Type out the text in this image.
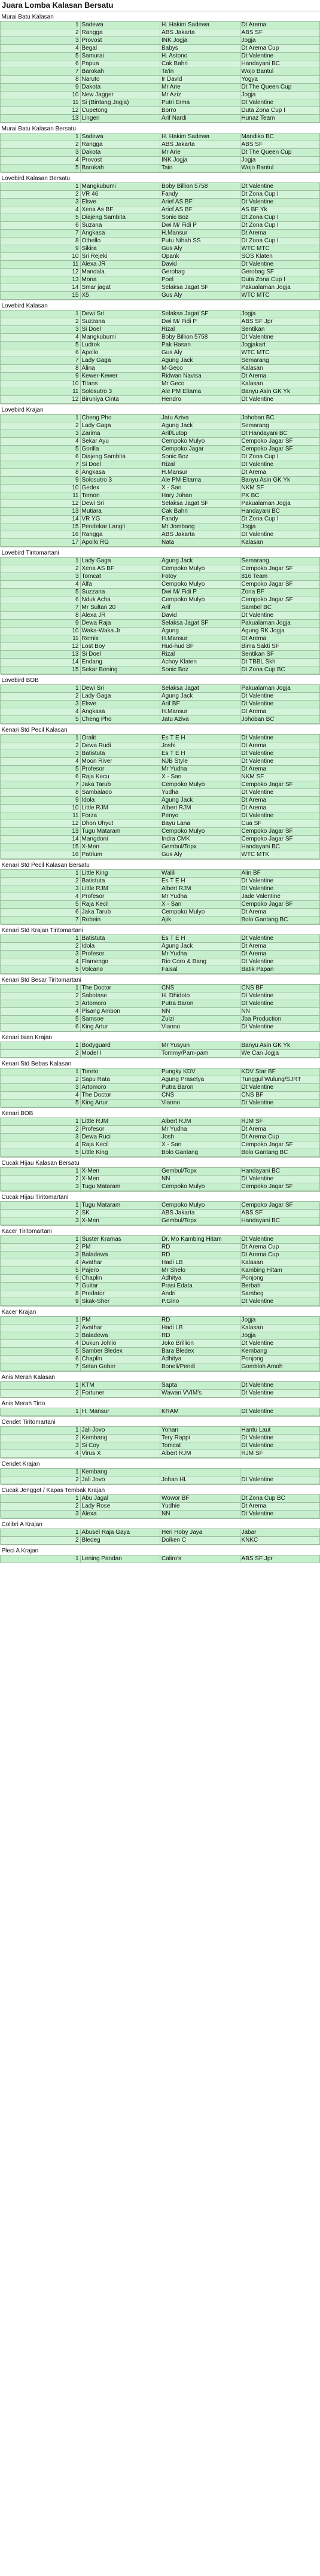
Juara Lomba Kalasan Bersatu
Murai Batu Kalasan			
1	Sadewa	H. Hakim Sadewa	Dt Arema
2	Rangga	ABS Jakarta	ABS SF
3	Provost	INK Jogja	Jogja
4	Begal	Babys	Dt Arema Cup
5	Samurai	H. Astono	Dt Valentine
6	Papua	Cak Bahri	Handayani BC
7	Barokah	Ta'in	Wojo Bantul
8	Naruto	Ir David	Yogya
9	Dakota	Mr Arie	Dt The Queen Cup
10	New Jagger	Mr Aziz	Jogja
11	Si (Bintang Jogja)	Putri Erma	Dt Valentine
12	Cupetong	Borro	Duta Zona Cup I
13	Lingeri	Arif Nardi	Hunaz Team
Murai Batu Kalasan Bersatu			
1	Sadewa	H. Hakim Sadewa	Mandiko BC
2	Rangga	ABS Jakarta	ABS SF
3	Dakota	Mr Arie	Dt The Queen Cup
4	Provost	INK Jogja	Jogja
5	Barokah	Tain	Wojo Bantul
Lovebird Kalasan Bersatu			
1	Mangkubumi	Boby Billion 5758	Dt Valentine
2	VR 46	Fandy	Dt Zona Cup I
3	Elsve	Arief AS BF	Dt Valentine
4	Xena As BF	Arief AS BF	AS BF Yk
5	Diajeng Sambita	Sonic Boz	Dt Zona Cup I
6	Suzana	Dwi M/ Fidi P	Dt Zona Cup I
7	Angkasa	H.Mansur	Dt Arema
8	Othello	Putu Nihah SS	Dt Zona Cup I
9	Sikira	Gus Aly	WTC MTC
10	Sri Rejeki	Opank	SOS Klaten
11	Alexa JR	David	Dt Valentine
12	Mandala	Gerobag	Gerobag SF
13	Mona	Poel	Duta Zona Cup I
14	Smar jagat	Selaksa Jagat SF	Pakualaman Jogja
15	X5	Gus Aly	WTC MTC
Lovebird Kalasan			
1	Dewi Sri	Selaksa Jagat SF	Jogja
2	Suzzana	Dwi M/ Fidi P	ABS SF Jpr
3	Si Doel	Rizal	Sentikan
4	Mangkubumi	Boby Billion 5758	Dt Valentine
5	Ludrok	Pak Hasan	Jogjakart
6	Apollo	Gus Aly	WTC MTC
7	Lady Gaga	Agung Jack	Semarang
8	Alina	M-Geco	Kalasan
9	Kewer-Kewer	Ridwan Navisa	Dt Arema
10	Titans	Mr Geco	Kalasan
11	Solosutro 3	Ale PM Eltama	Banyu Asin GK Yk
12	Biruniya Cinta	Hendro	Dt Valentine
Lovebird Krajan			
1	Cheng Pho	Jatu Aziva	Johoban BC
2	Lady Gaga	Agung Jack	Semarang
3	Zarima	Arif/Lutop	Dt Handayani BC
4	Sekar Ayu	Cempoko Mulyo	Cempoko Jagar SF
5	Gorilla	Cempoko Jagar	Cempoko Jagar SF
6	Diajeng Sambita	Sonic Boz	Dt Zona Cup I
7	Si Doel	Rizal	Dt Valentine
8	Angkasa	H.Mansur	Dt Arema
9	Solosutro 3	Ale PM Eltama	Banyu Asin GK Yk
10	Gedex	X - San	NKM SF
11	Temon	Hary Johan	PK BC
12	Dewi Sri	Selaksa Jagat SF	Pakualaman Jogja
13	Mutiara	Cak Bahri	Handayani BC
14	VR YG	Fandy	Dt Zona Cup I
15	Pendekar Langit	Mr Jombang	Jogja
16	Rangga	ABS Jakarta	Dt Valentine
17	Apollo RG	Nata	Kalasan
Lovebird Tiritomartani			
1	Lady Gaga	Agung Jack	Semarang
2	Xena AS BF	Cempoko Mulyo	Cempoko Jagar SF
3	Tomcat	Fotoy	816 Team
4	Alfa	Cempoko Mulyo	Cempoko Jagar SF
5	Suzzana	Dwi M/ Fidi P	Zona BF
6	Nduk Acha	Cempoko Mulyo	Cempoko Jagar SF
7	Mr Sultan 20	Arif	Sambel BC
8	Alexa JR	David	Dt Valentine
9	Dewa Raja	Selaksa Jagat SF	Pakualaman Jogja
10	Waka-Waka Jr	Agung	Agung RK Jogja
11	Remix	H.Mansur	Dt Arema
12	Lost Boy	Hud-hud BF	Bima Sakti SF
13	Si Doel	Rizal	Sentikan SF
14	Endang	Achoy Klaten	Dt TBBL Skh
15	Sekar Bening	Sonic Boz	Dt Zona Cup BC
Lovebird BOB			
1	Dewi Sri	Selaksa Jagat	Pakualaman Jogja
2	Lady Gaga	Agung Jack	Dt Valentine
3	Elsve	Arif BF	Dt Valentine
4	Angkasa	H.Mansur	Dt Arema
5	Cheng Pho	Jatu Aziva	Johoban BC
Kenari Std Pecil Kalasan			
1	Oralit	Es T E H	Dt Valentine
2	Dewa Rudi	Joshi	Dt Arema
3	Batistuta	Es T E H	Dt Valentine
4	Moon River	NJB Style	Dt Valentine
5	Profesor	Mr Yudha	Dt Arema
6	Raja Kecu	X - San	NKM SF
7	Jaka Tarub	Cempoko Mulyo	Cempoko Jagar SF
8	Sambalado	Yudha	Dt Valentine
9	Idola	Agung Jack	Dt Arema
10	Little RJM	Albert RJM	Dt Arema
11	Forza	Penyo	Dt Valentine
12	Dhon Uhyut	Bayu Lana	Cua SF
13	Tugu Mataram	Cempoko Mulyo	Cempoko Jagar SF
14	Mangdoni	Indra CMK	Cempoko Jagar SF
15	X-Men	Gembul/Topx	Handayani BC
16	Patrium	Gus Aly	WTC MTK
Kenari Std Pecil Kalasan Bersatu			
1	Little King	Walili	Alin BF
2	Batistuta	Es T E H	Dt Valentine
3	Little RJM	Albert RJM	Dt Valentine
4	Profesor	Mr Yudha	Jade Valentine
5	Raja Kecil	X - San	Cempoko Jagar SF
6	Jaka Tarub	Cempoko Mulyo	Dt Arema
7	Robein	Ajik	Bolo Gantang BC
Kenari Std Krajan Tiritomartani			
1	Batistuta	Es T E H	Dt Valentine
2	Idola	Agung Jack	Dt Arema
3	Profesor	Mr Yudha	Dt Arema
4	Flamengo	Rio Coro & Bang	Dt Valentine
5	Volcano	Faisal	Batik Papan
Kenari Std Besar Tiritomartani			
1	The Doctor	CNS	CNS BF
2	Sabotase	H. Dhidoto	Dt Valentine
3	Artomoro	Putra Baron	Dt Valentine
4	Pisang Ambon	NN	NN
5	Samsoe	Zulzi	Jba Production
6	King Artur	Vianno	Dt Valentine
Kenari Isian Krajan			
1	Bodyguard	Mr Yusyun	Banyu Asin GK Yk
2	Model I	Tommy/Pam-pam	We Can Jogja
Kenari Std Bebas Kalasan			
1	Toreto	Pungky KDV	KDV Star BF
2	Sapu Rata	Agung Prasetya	Tunggul Wulung/SJRT
3	Artomoro	Putra Baron	Dt Valentine
4	The Doctor	CNS	CNS BF
5	King Artur	Vianno	Dt Valentine
Kenari BOB			
1	Little RJM	Albert RJM	RJM SF
2	Profesor	Mr Yudha	Dt Arema
3	Dewa Ruci	Josh	Dt Arema Cup
4	Raja Kecil	X - San	Cempoko Jagar SF
5	Little King	Bolo Gantang	Bolo Gantang BC
Cucak Hijau Kalasan Bersatu			
1	X-Men	Gembul/Topx	Handayani BC
2	X-Men	NN	Dt Valentine
3	Tugu Mataram	Cempoko Mulyo	Cempoko Jagar SF
Cucak Hijau Tiritomartani			
1	Tugu Mataram	Cempoko Mulyo	Cempoko Jagar SF
2	SK	ABS Jakarta	ABS SF
3	X-Men	Gembul/Topx	Handayani BC
Kacer Tiritomartani			
1	Suster Kramas	Dr. Mo Kambing Hitam	Dt Valentine
2	PM	RD	Dt Arema Cup
3	Baladewa	RD	Dt Arema Cup
4	Avathar	Hadi LB	Kalasan
5	Pajero	Mr Shelo	Kambing Hitam
6	Chaplin	Adhitya	Ponjong
7	Guitar	Prasi Edata	Berbah
8	Predator	Andri	Sambeg
9	Skak-Sher	P.Gino	Dt Valentine
Kacer Krajan			
1	PM	RD	Jogja
2	Avathar	Hadi LB	Kalasan
3	Baladewa	RD	Jogja
4	Dukun Johlio	Joko Brillion	Dt Valentine
5	Samber Bledex	Bara Bledex	Kembang
6	Chaplin	Adhitya	Ponjong
7	Setan Gober	Boneli/Pendi	Gombloh Amoh
Anis Merah Kalasan			
1	KTM	Sapta	Dt Valentine
2	Fortuner	Wawan VVIM's	Dt Valentine
Anis Merah Tirto
1	H. Mansur	KRAM	Dt Valentine
Cendet Tiritomartani			
1	Jali Jovo	Yohan	Hantu Laut
2	Kembang	Tery Rappi	Dt Valentine
3	Si Coy	Tomcat	Dt Valentine
4	Virus X	Albert RJM	RJM SF
Cendet Krajan			
1	Kembang		
2	Jali Jovo	Johan HL	Dt Valentine
Cucak Jenggot / Kapas Tembak Krajan			
1	Abu Jagal	Wowor BF	Dt Zona Cup BC
2	Lady Rose	Yudhie	Dt Arema
3	Alexa	NN	Dt Valentine
Colibri A Krajan			
1	Abusel Raja Gaya	Heri Hoby Jaya	Jabar
2	Bledeg	Dolken C	KNKC
Pleci A Krajan
1	Lening Pandan	Caliro's	ABS SF Jpr
